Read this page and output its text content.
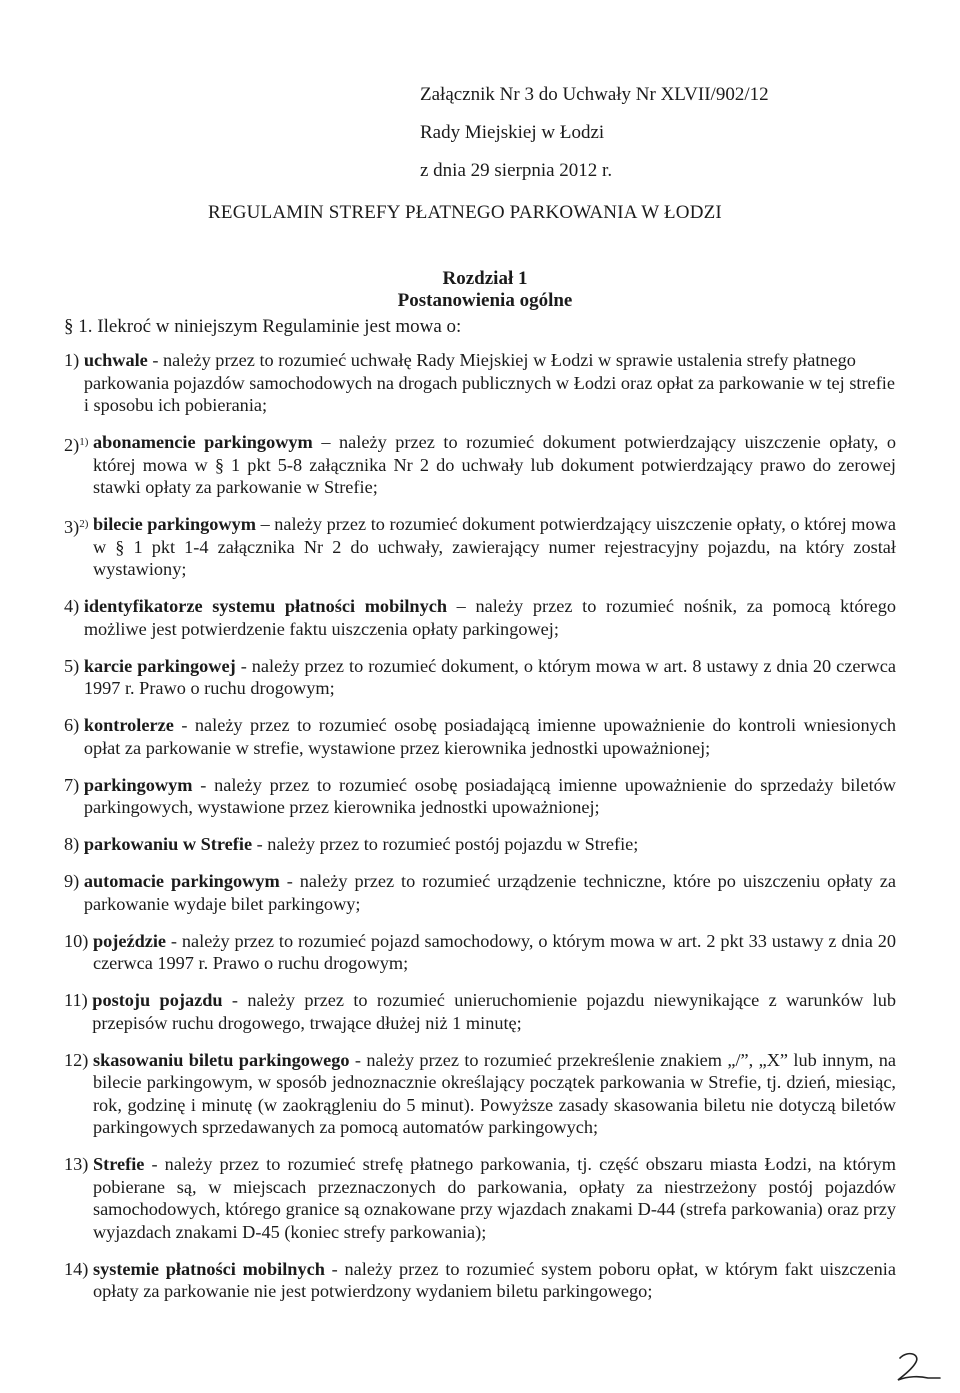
Załącznik Nr 3 do Uchwały Nr XLVII/902/12
Rady Miejskiej w Łodzi
z dnia 29 sierpnia 2012 r.
REGULAMIN STREFY PŁATNEGO PARKOWANIA W ŁODZI
Rozdział 1
Postanowienia ogólne
§ 1. Ilekroć w niniejszym Regulaminie jest mowa o:
1) uchwale - należy przez to rozumieć uchwałę Rady Miejskiej w Łodzi w sprawie ustalenia strefy płatnego parkowania pojazdów samochodowych na drogach publicznych w Łodzi oraz opłat za parkowanie w tej strefie i sposobu ich pobierania;
2)$^{1)}$ abonamencie parkingowym – należy przez to rozumieć dokument potwierdzający uiszczenie opłaty, o której mowa w § 1 pkt 5-8 załącznika Nr 2 do uchwały lub dokument potwierdzający prawo do zerowej stawki opłaty za parkowanie w Strefie;
3)$^{2)}$ bilecie parkingowym – należy przez to rozumieć dokument potwierdzający uiszczenie opłaty, o której mowa w § 1 pkt 1-4 załącznika Nr 2 do uchwały, zawierający numer rejestracyjny pojazdu, na który został wystawiony;
4) identyfikatorze systemu płatności mobilnych – należy przez to rozumieć nośnik, za pomocą którego możliwe jest potwierdzenie faktu uiszczenia opłaty parkingowej;
5) karcie parkingowej - należy przez to rozumieć dokument, o którym mowa w art. 8 ustawy z dnia 20 czerwca 1997 r. Prawo o ruchu drogowym;
6) kontrolerze - należy przez to rozumieć osobę posiadającą imienne upoważnienie do kontroli wniesionych opłat za parkowanie w strefie, wystawione przez kierownika jednostki upoważnionej;
7) parkingowym - należy przez to rozumieć osobę posiadającą imienne upoważnienie do sprzedaży biletów parkingowych, wystawione przez kierownika jednostki upoważnionej;
8) parkowaniu w Strefie - należy przez to rozumieć postój pojazdu w Strefie;
9) automacie parkingowym - należy przez to rozumieć urządzenie techniczne, które po uiszczeniu opłaty za parkowanie wydaje bilet parkingowy;
10) pojeździe - należy przez to rozumieć pojazd samochodowy, o którym mowa w art. 2 pkt 33 ustawy z dnia 20 czerwca 1997 r. Prawo o ruchu drogowym;
11) postoju pojazdu - należy przez to rozumieć unieruchomienie pojazdu niewynikające z warunków lub przepisów ruchu drogowego, trwające dłużej niż 1 minutę;
12) skasowaniu biletu parkingowego - należy przez to rozumieć przekreślenie znakiem „/”, „X” lub innym, na bilecie parkingowym, w sposób jednoznacznie określający początek parkowania w Strefie, tj. dzień, miesiąc, rok, godzinę i minutę (w zaokrągleniu do 5 minut). Powyższe zasady skasowania biletu nie dotyczą biletów parkingowych sprzedawanych za pomocą automatów parkingowych;
13) Strefie - należy przez to rozumieć strefę płatnego parkowania, tj. część obszaru miasta Łodzi, na którym pobierane są, w miejscach przeznaczonych do parkowania, opłaty za niestrzeżony postój pojazdów samochodowych, którego granice są oznakowane przy wjazdach znakami D-44 (strefa parkowania) oraz przy wyjazdach znakami D-45 (koniec strefy parkowania);
14) systemie płatności mobilnych - należy przez to rozumieć system poboru opłat, w którym fakt uiszczenia opłaty za parkowanie nie jest potwierdzony wydaniem biletu parkingowego;
